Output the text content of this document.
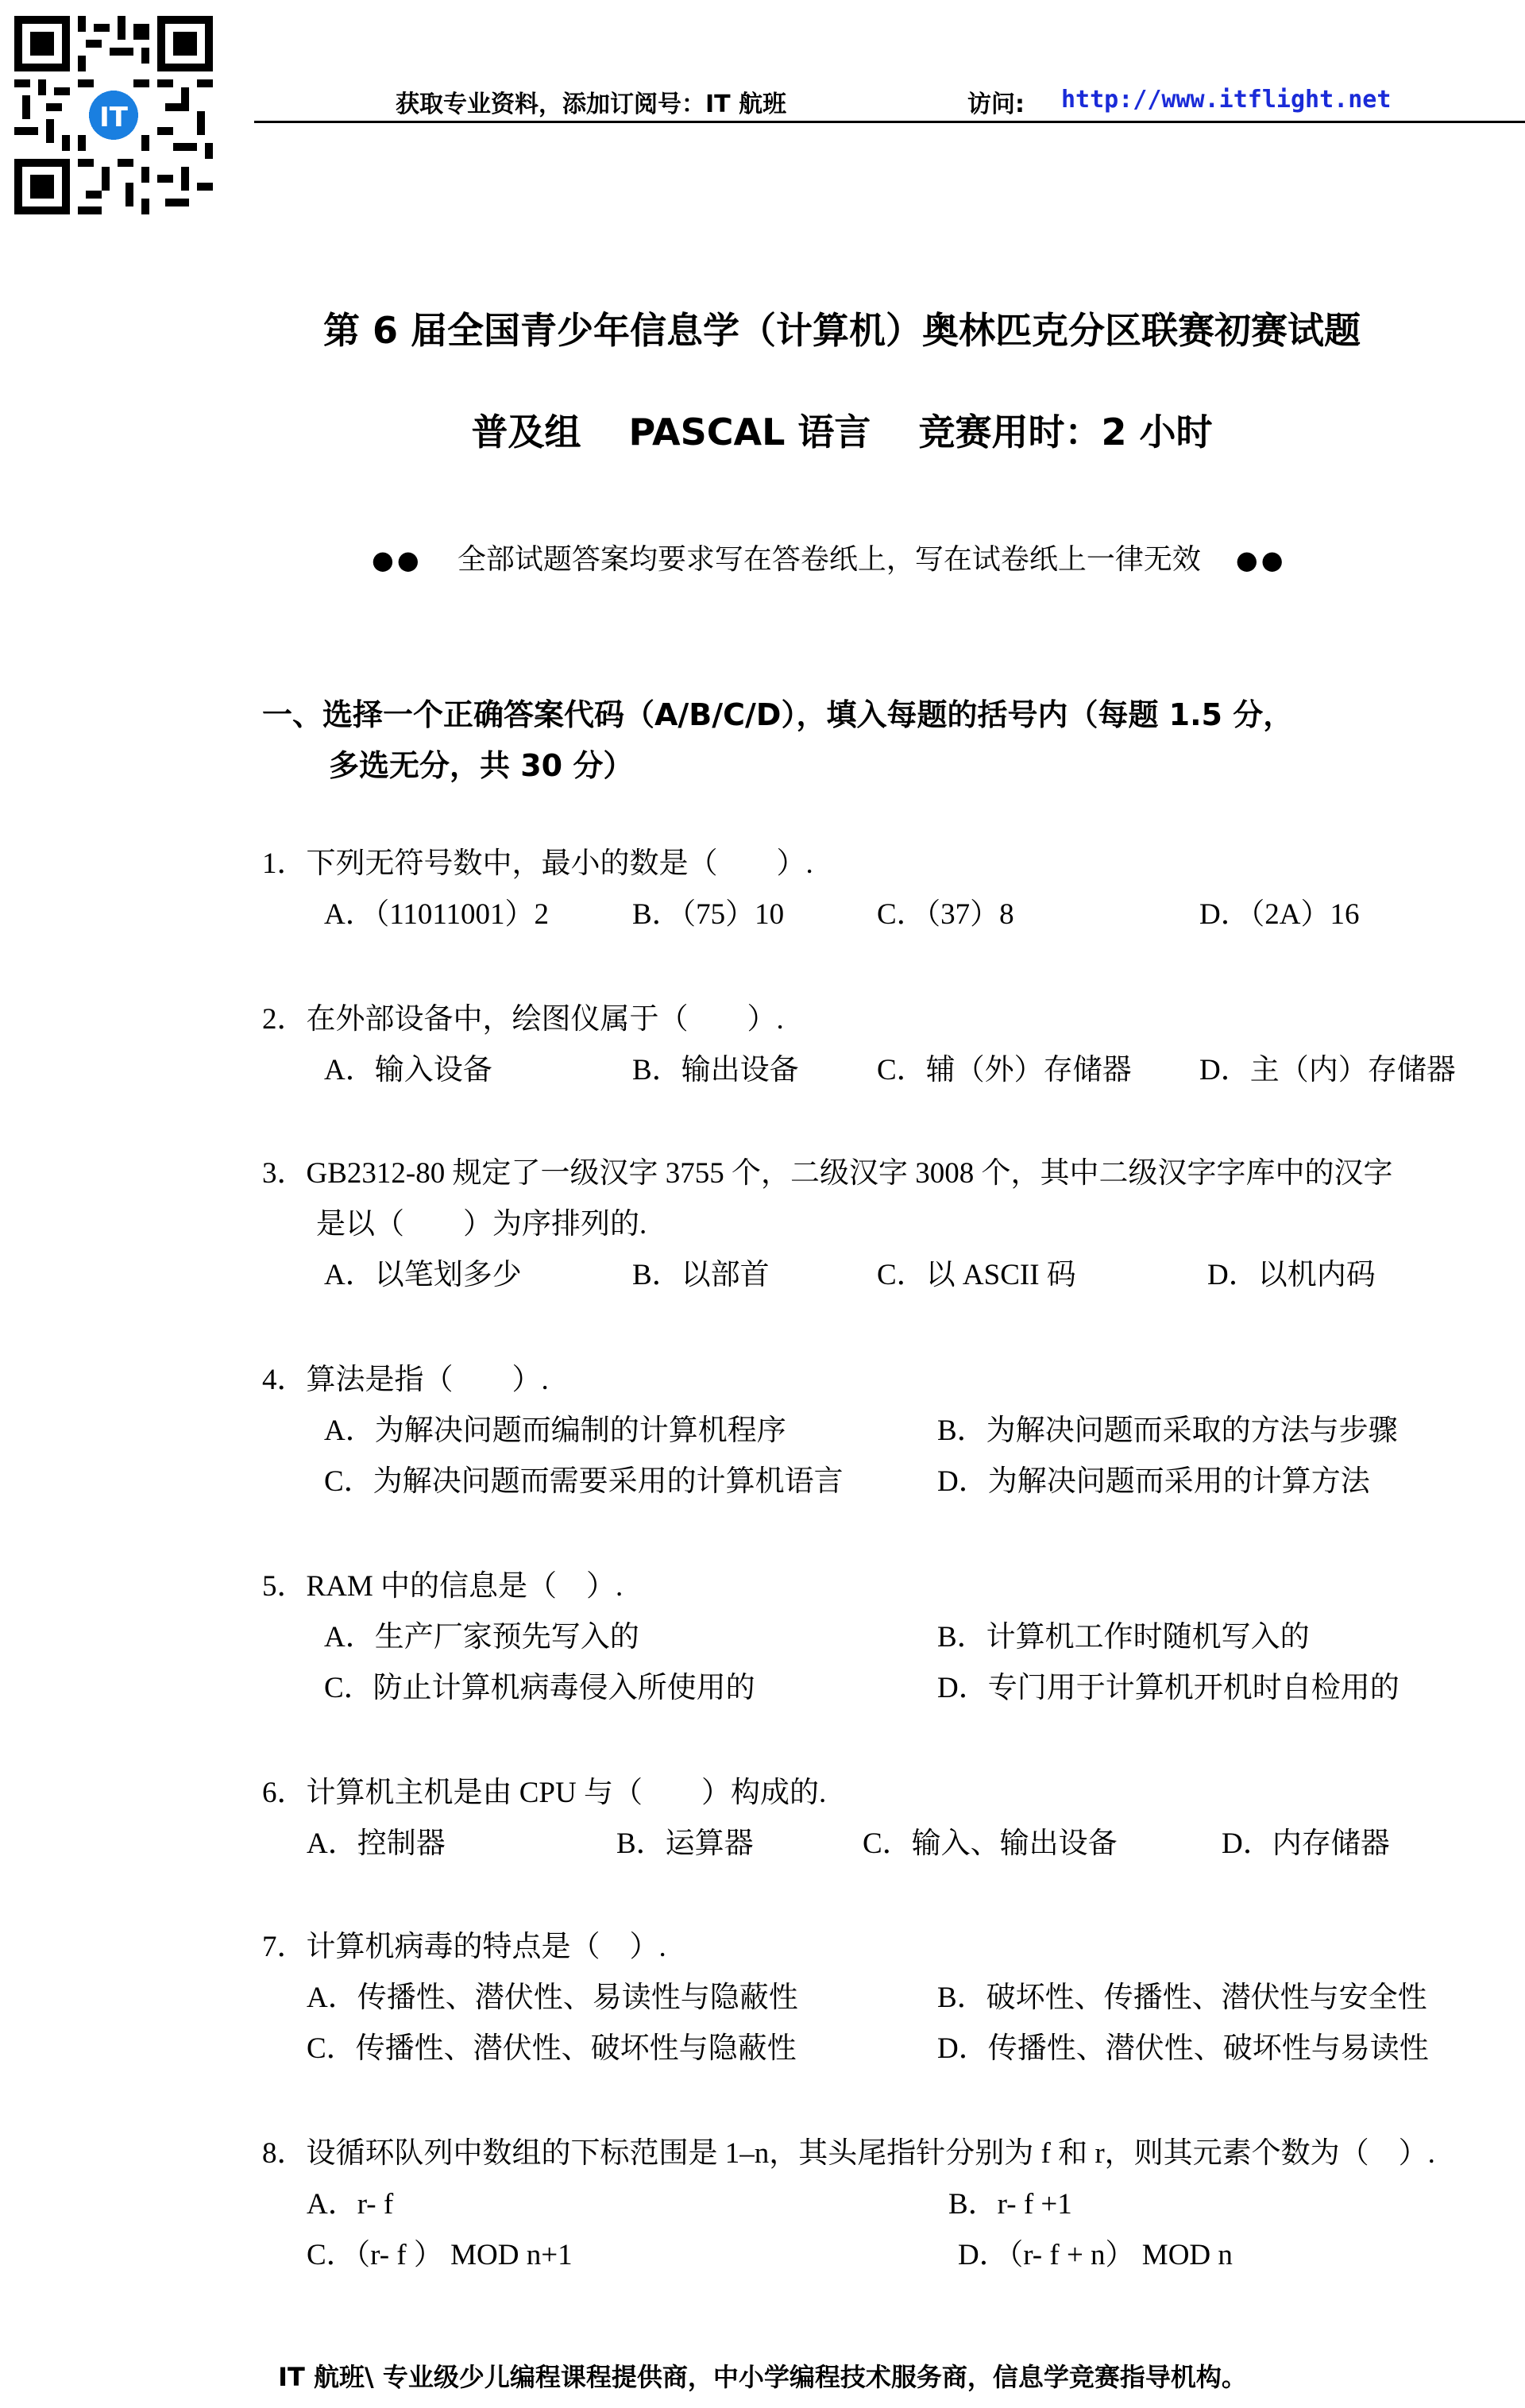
IT	获取专业资料，添加订阅号：IT 航班	访问: http://www.itflight.net
第 6 届全国青少年信息学（计算机）奥林匹克分区联赛初赛试题
普及组 PASCAL 语言 竞赛用时：2 小时
●● 全部试题答案均要求写在答卷纸上，写在试卷纸上一律无效 ●●
一、选择一个正确答案代码（A/B/C/D），填入每题的括号内（每题 1.5 分，
多选无分，共 30 分）
1．下列无符号数中，最小的数是（　　）.
A．（11011001）2	B．（75）10	C．（37）8	D．（2A）16
2．在外部设备中，绘图仪属于（　　）.
A．输入设备	B．输出设备	C．辅（外）存储器 D．主（内）存储器
3．GB2312-80 规定了一级汉字 3755 个，二级汉字 3008 个，其中二级汉字字库中的汉字
是以（　　）为序排列的.
A．以笔划多少	B．以部首	C．以 ASCII 码	D．以机内码
4．算法是指（　　）.
A．为解决问题而编制的计算机程序	B．为解决问题而采取的方法与步骤
C．为解决问题而需要采用的计算机语言	D．为解决问题而采用的计算方法
5．RAM 中的信息是（　）.
A．生产厂家预先写入的	B．计算机工作时随机写入的
C．防止计算机病毒侵入所使用的	D．专门用于计算机开机时自检用的
6．计算机主机是由 CPU 与（　　）构成的.
A．控制器	B．运算器	C．输入、输出设备	D．内存储器
7．计算机病毒的特点是（　）.
A．传播性、潜伏性、易读性与隐蔽性	B．破坏性、传播性、潜伏性与安全性
C．传播性、潜伏性、破坏性与隐蔽性	D．传播性、潜伏性、破坏性与易读性
8．设循环队列中数组的下标范围是 1–n，其头尾指针分别为 f 和 r，则其元素个数为（　）.
A．r- f	B．r- f +1
C．（r- f ） MOD n+1	D．（r- f + n） MOD n
IT 航班\ 专业级少儿编程课程提供商，中小学编程技术服务商，信息学竞赛指导机构。
